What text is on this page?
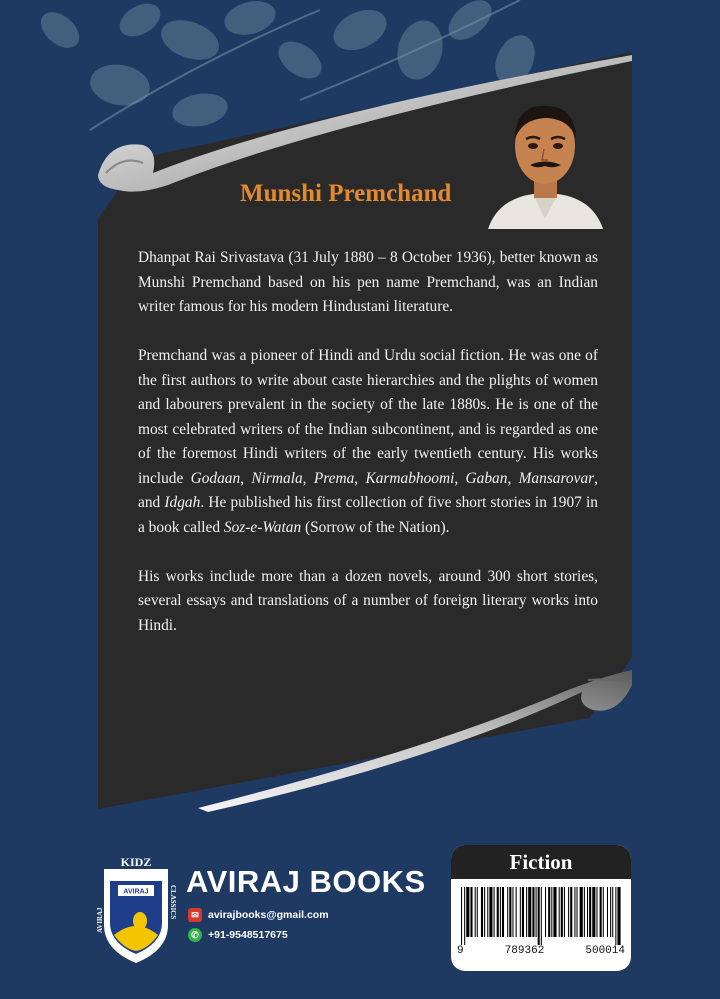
Munshi Premchand

Dhanpat Rai Srivastava (31 July 1880 – 8 October 1936), better known as Munshi Premchand based on his pen name Premchand, was an Indian writer famous for his modern Hindustani literature.

Premchand was a pioneer of Hindi and Urdu social fiction. He was one of the first authors to write about caste hierarchies and the plights of women and labourers prevalent in the society of the late 1880s. He is one of the most celebrated writers of the Indian subcontinent, and is regarded as one of the foremost Hindi writers of the early twentieth century. His works include Godaan, Nirmala, Prema, Karmabhoomi, Gaban, Mansarovar, and Idgah. He published his first collection of five short stories in 1907 in a book called Soz-e-Watan (Sorrow of the Nation).

His works include more than a dozen novels, around 300 short stories, several essays and translations of a number of foreign literary works into Hindi.

AVIRAJ
KIDZ
AVIRAJ
CLASSICS
AVIRAJ BOOKS
✉ avirajbooks@gmail.com
✆ +91-9548517675
Fiction
9	789362	500014
